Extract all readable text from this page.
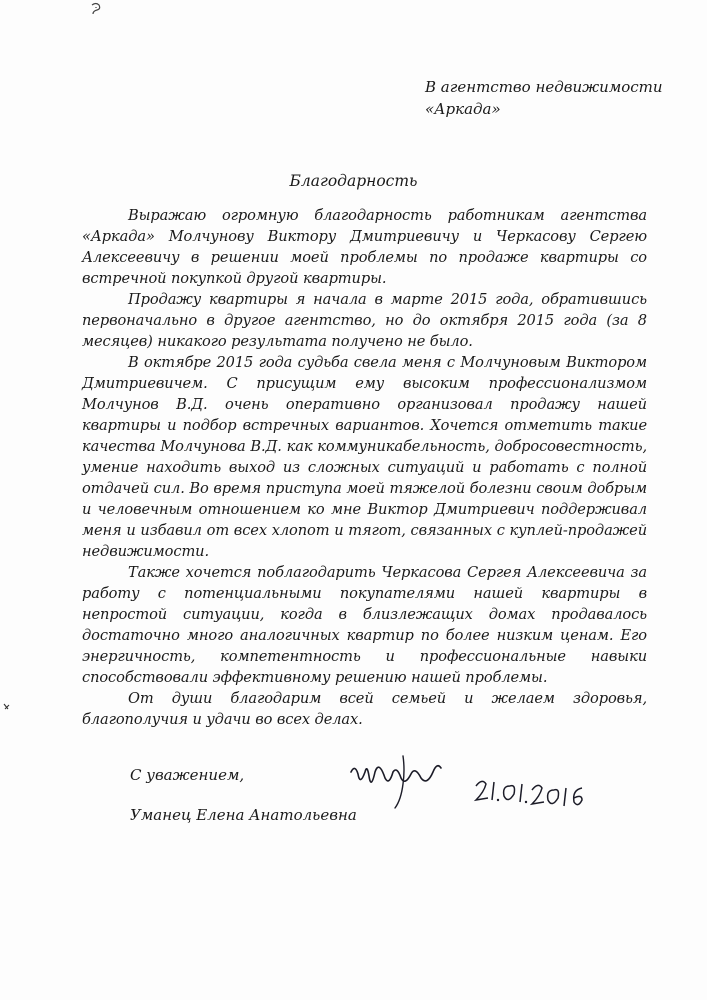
В агентство недвижимости
«Аркада»
Благодарность

Выражаю огромную благодарность работникам агентства «Аркада» Молчунову Виктору Дмитриевичу и Черкасову Сергею Алексеевичу в решении моей проблемы по продаже квартиры со встречной покупкой другой квартиры.

Продажу квартиры я начала в марте 2015 года, обратившись первоначально в другое агентство, но до октября 2015 года (за 8 месяцев) никакого результата получено не было.

В октябре 2015 года судьба свела меня с Молчуновым Виктором Дмитриевичем. С присущим ему высоким профессионализмом Молчунов В.Д. очень оперативно организовал продажу нашей квартиры и подбор встречных вариантов. Хочется отметить такие качества Молчунова В.Д. как коммуникабельность, добросовестность, умение находить выход из сложных ситуаций и работать с полной отдачей сил. Во время приступа моей тяжелой болезни своим добрым и человечным отношением ко мне Виктор Дмитриевич поддерживал меня и избавил от всех хлопот и тягот, связанных с куплей-продажей недвижимости.

Также хочется поблагодарить Черкасова Сергея Алексеевича за работу с потенциальными покупателями нашей квартиры в непростой ситуации, когда в близлежащих домах продавалось достаточно много аналогичных квартир по более низким ценам. Его энергичность, компетентность и профессиональные навыки способствовали эффективному решению нашей проблемы.

От души благодарим всей семьей и желаем здоровья, благополучия и удачи во всех делах.

С уважением,
Уманец Елена Анатольевна
